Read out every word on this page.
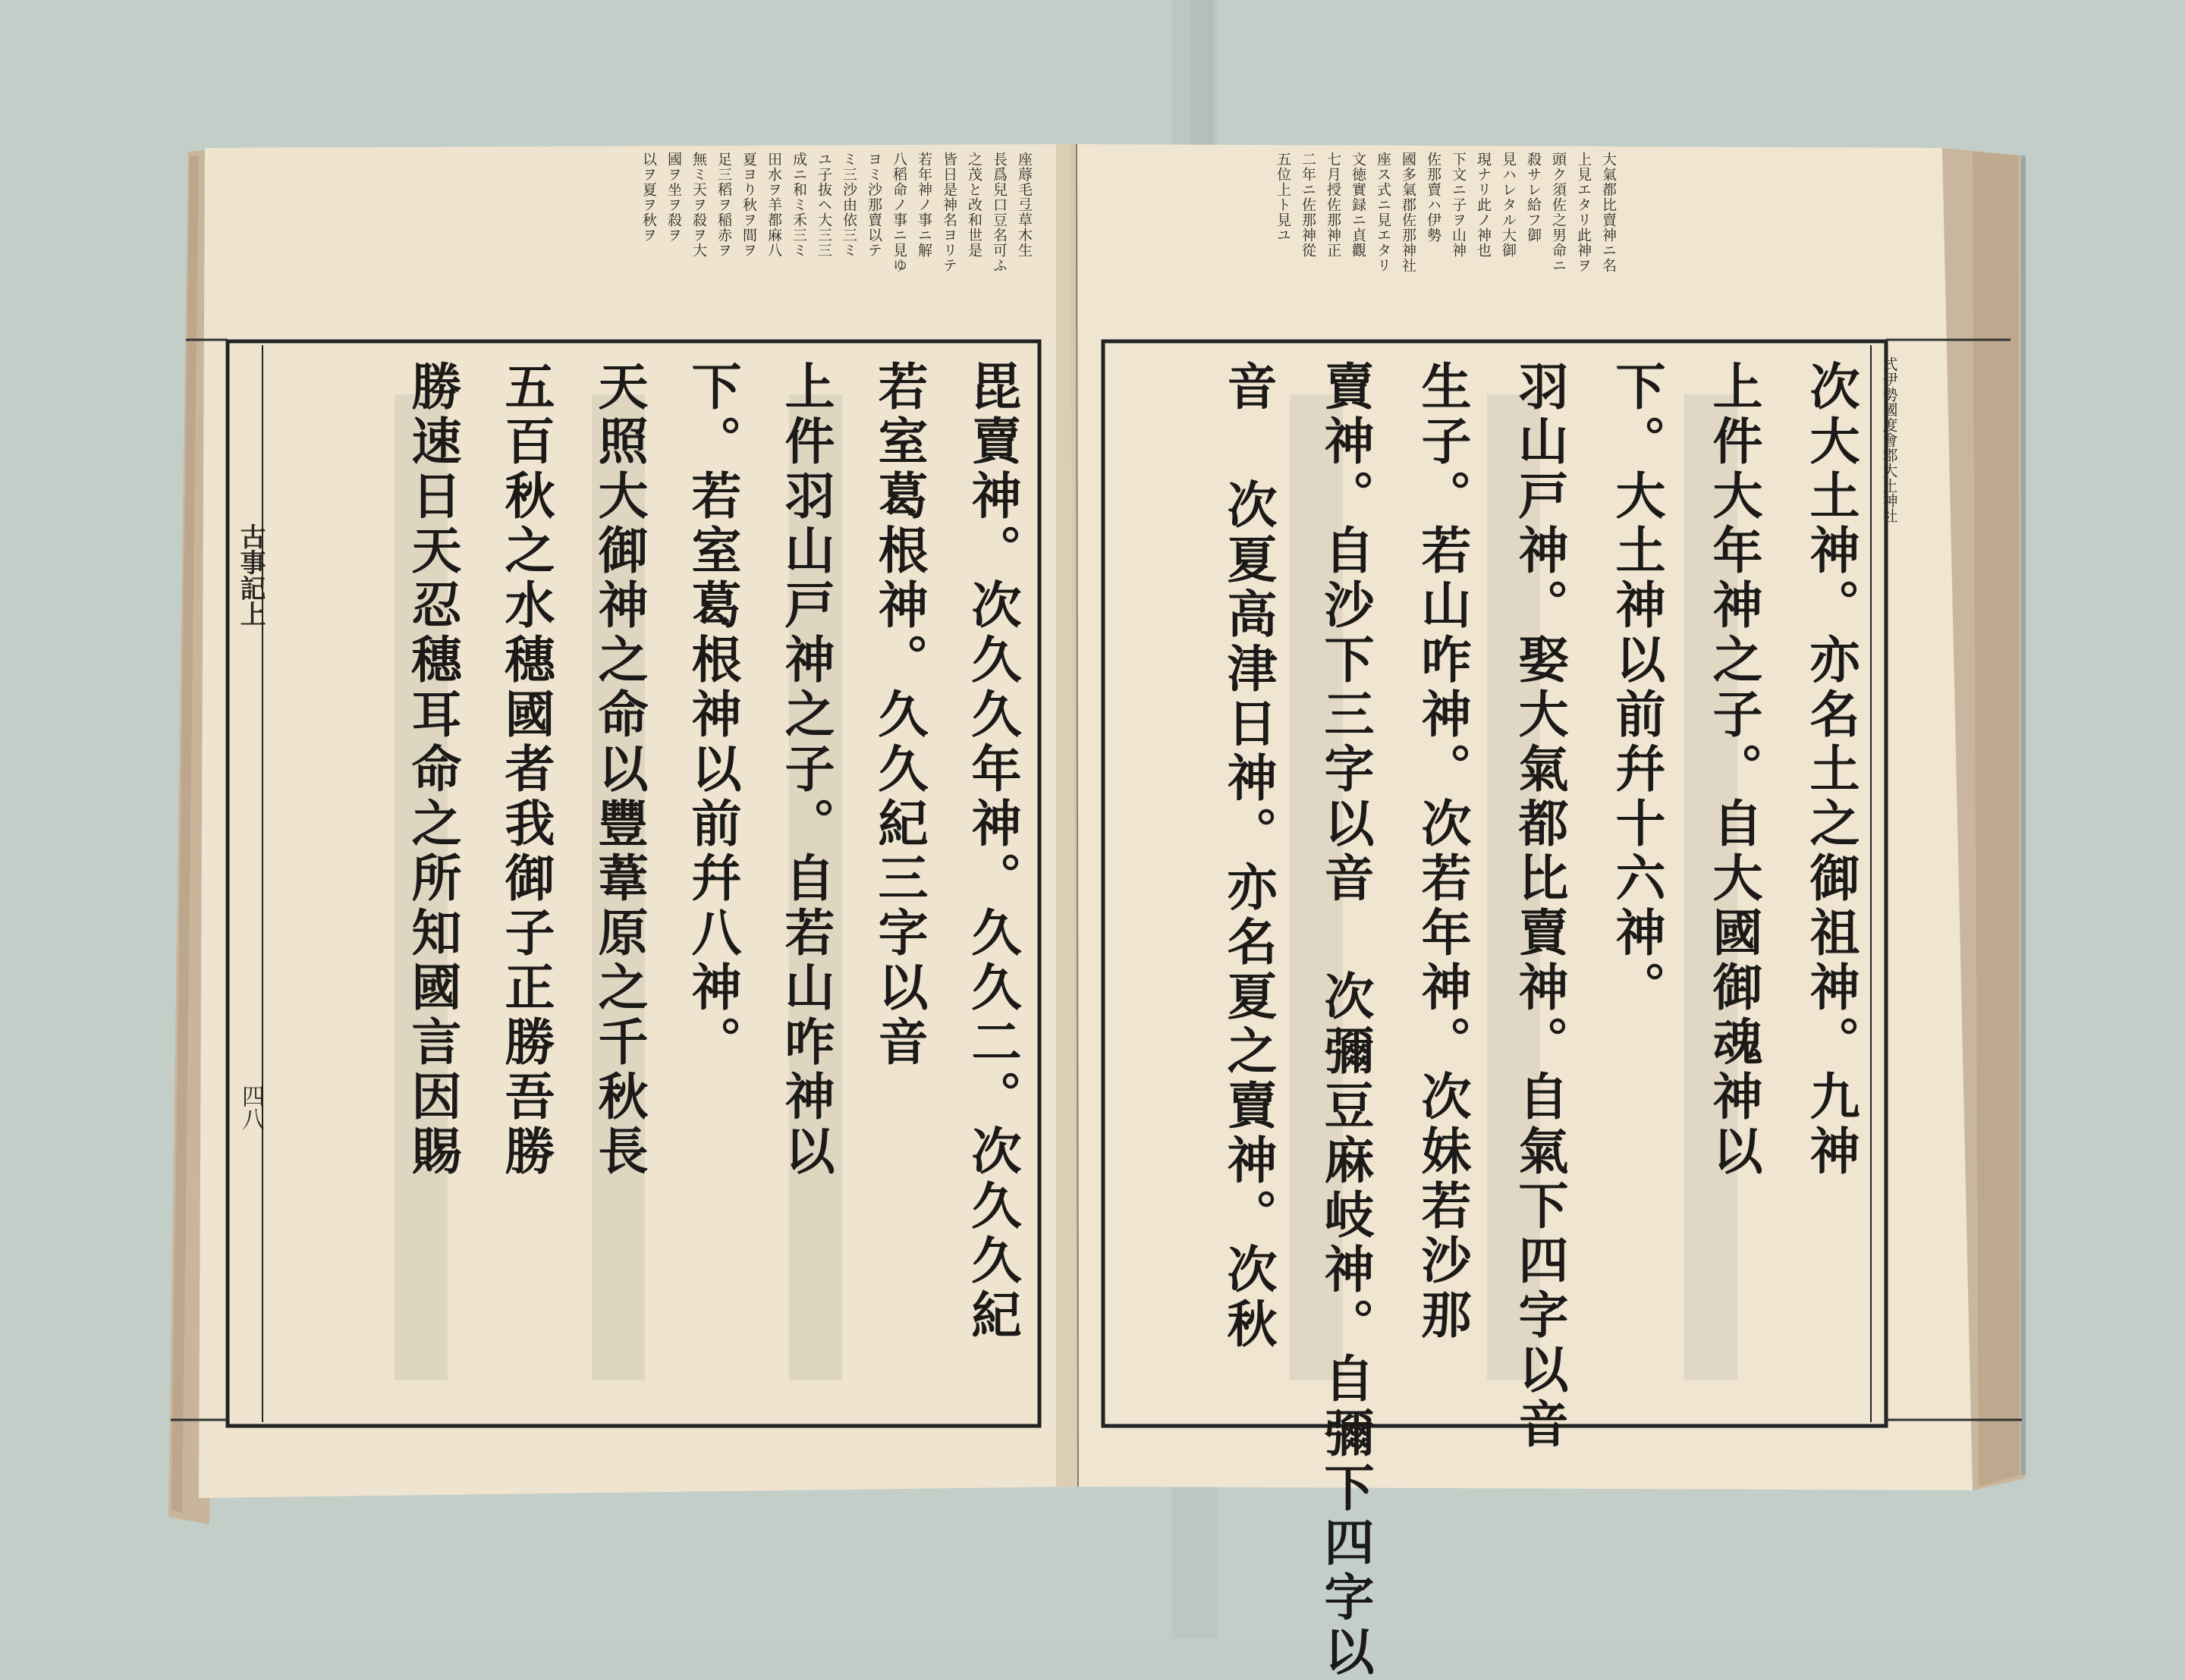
座蓐毛弖草木生
長爲兒口豆名可ふ
之茂と改和世是
皆日是神名ヨリテ
若年神ノ事ニ解
八稻命ノ事ニ見ゆ
ヨミ沙那賣以テ
ミ三沙由依三ミ
ユ子抜ヘ大三三
成ニ和ミ禾三ミ
田水ヲ羊都麻八
夏ヨり秋ヲ間ヲ
足三稻ヲ稲赤ヲ
無ミ天ヲ殺ヲ大
國ヲ坐ヲ殺ヲ
以ヲ夏ヲ秋ヲ
古事記上
四八	毘賣神。次久久年神。久久二。次久久紀
若室葛根神。久久紀三字以音
上件羽山戸神之子。自若山咋神以
下。若室葛根神以前幷八神。
天照大御神之命以豐葦原之千秋長
五百秋之水穗國者我御子正勝吾勝
勝速日天忍穗耳命之所知國言因賜
大氣都比賣神ニ名
上見エタリ此神ヲ
頭ク須佐之男命ニ
殺サレ給フ御
見ハレタル大御
現ナリ此ノ神也
下文ニ子ヲ山神
佐那賣ハ伊勢
國多氣郡佐那神社
座ス式ニ見エタリ
文徳實録ニ貞觀
七月授佐那神正
二年ニ佐那神從
五位上ト見ユ
式伊勢國度會郡大土神社
次大土神。亦名土之御祖神。九神
上件大年神之子。自大國御魂神以
下。大土神以前幷十六神。
羽山戸神。娶大氣都比賣神。自氣下四字以音
生子。若山咋神。次若年神。次妹若沙那
賣神。自沙下三字以音 次彌豆麻岐神。自彌下四字以
音 次夏高津日神。亦名夏之賣神。次秋
